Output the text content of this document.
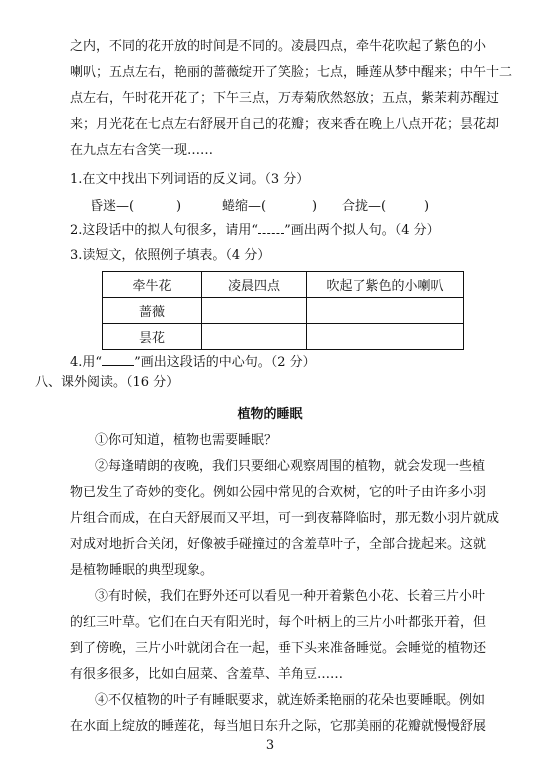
之内，不同的花开放的时间是不同的。凌晨四点，牵牛花吹起了紫色的小
喇叭；五点左右，艳丽的蔷薇绽开了笑脸；七点，睡莲从梦中醒来；中午十二
点左右，午时花开花了；下午三点，万寿菊欣然怒放；五点，紫茉莉苏醒过
来；月光花在七点左右舒展开自己的花瓣；夜来香在晚上八点开花；昙花却
在九点左右含笑一现……
1.在文中找出下列词语的反义词。（3 分）
昏迷—(	)	蜷缩—(	) 合拢—(	)
2.这段话中的拟人句很多，请用“ ”画出两个拟人句。（4 分）
3.读短文，依照例子填表。（4 分）
牵牛花	凌晨四点	吹起了紫色的小喇叭
蔷薇		
昙花		
4.用“ ”画出这段话的中心句。（2 分）
八、课外阅读。（16 分）
植物的睡眠
①你可知道，植物也需要睡眠？
②每逢晴朗的夜晚，我们只要细心观察周围的植物，就会发现一些植
物已发生了奇妙的变化。例如公园中常见的合欢树，它的叶子由许多小羽
片组合而成，在白天舒展而又平坦，可一到夜幕降临时，那无数小羽片就成
对成对地折合关闭，好像被手碰撞过的含羞草叶子，全部合拢起来。这就
是植物睡眠的典型现象。
③有时候，我们在野外还可以看见一种开着紫色小花、长着三片小叶
的红三叶草。它们在白天有阳光时，每个叶柄上的三片小叶都张开着，但
到了傍晚，三片小叶就闭合在一起，垂下头来准备睡觉。会睡觉的植物还
有很多很多，比如白屈菜、含羞草、羊角豆……
④不仅植物的叶子有睡眠要求，就连娇柔艳丽的花朵也要睡眠。例如
在水面上绽放的睡莲花，每当旭日东升之际，它那美丽的花瓣就慢慢舒展
3
